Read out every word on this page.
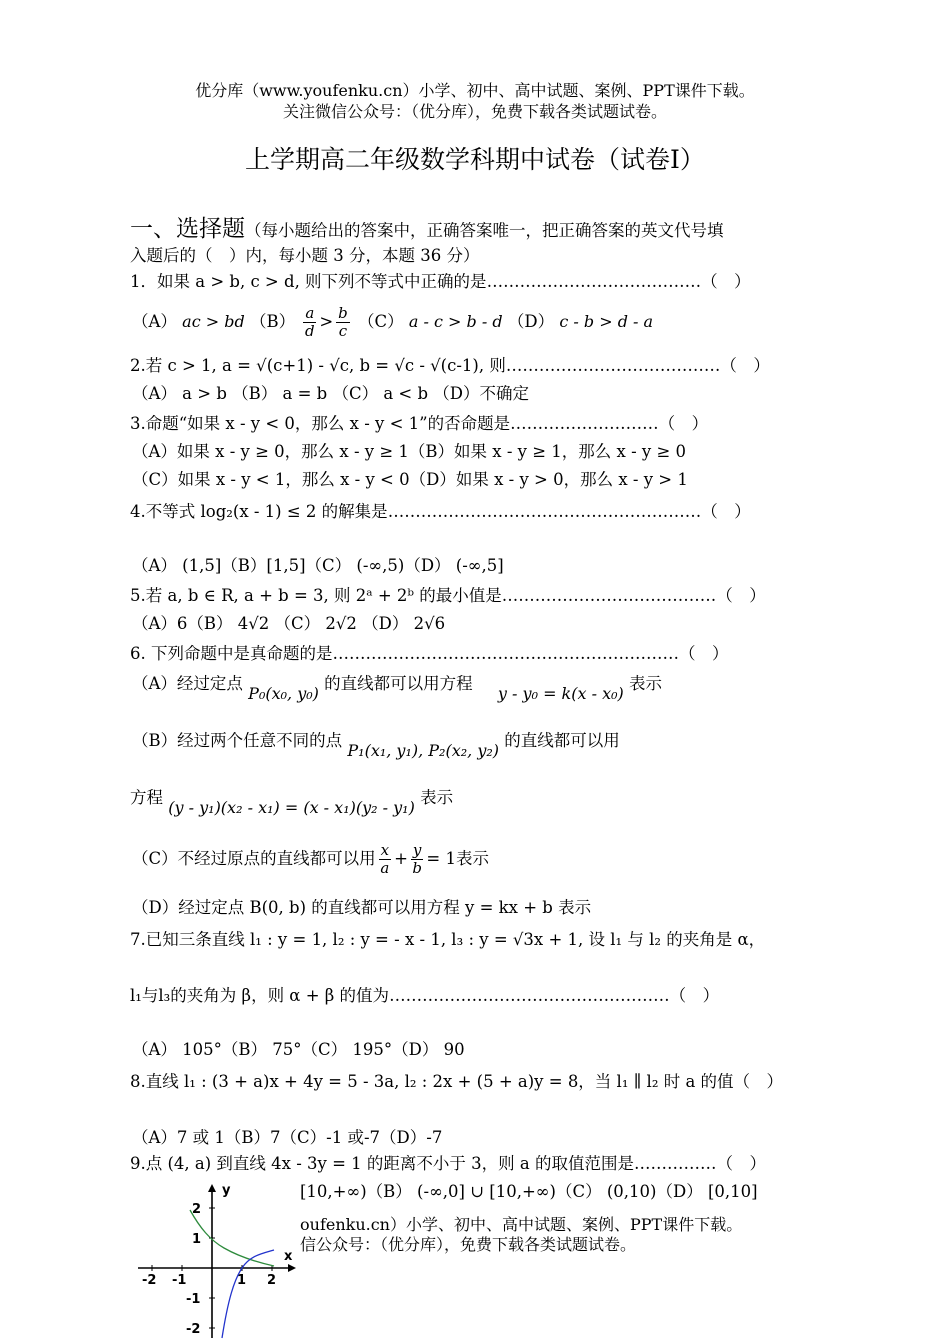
优分库（www.youfenku.cn）小学、初中、高中试题、案例、PPT课件下载。
关注微信公众号：（优分库），免费下载各类试题试卷。
上学期高二年级数学科期中试卷（试卷Ⅰ）
一、选择题（每小题给出的答案中，正确答案唯一，把正确答案的英文代号填
入题后的（　）内，每小题 3 分，本题 36 分）
1．如果 a > b, c > d, 则下列不等式中正确的是…………………………………（　）
（A） ac > bd $(B) \frac{a}{d} > \frac{b}{c} (C)$ a - c > b - d （D） c - b > d - a
2.若 c > 1, a = √(c+1) - √c, b = √c - √(c-1), 则…………………………………（　）
（A） a > b （B） a = b （C） a < b （D）不确定
3.命题“如果 x - y < 0，那么 x - y < 1”的否命题是………………………（　）
（A）如果 x - y ≥ 0，那么 x - y ≥ 1（B）如果 x - y ≥ 1，那么 x - y ≥ 0
（C）如果 x - y < 1，那么 x - y < 0（D）如果 x - y > 0，那么 x - y > 1
4.不等式 log₂(x - 1) ≤ 2 的解集是…………………………………………………（　）
（A） (1,5]（B）[1,5]（C） (-∞,5)（D） (-∞,5]
5.若 a, b ∈ R, a + b = 3, 则 2ᵃ + 2ᵇ 的最小值是…………………………………（　）
（A）6（B） 4√2 （C） 2√2 （D） 2√6
6. 下列命题中是真命题的是………………………………………………………（　）
（A）经过定点 P₀(x₀, y₀) 的直线都可以用方程 y - y₀ = k(x - x₀) 表示
（B）经过两个任意不同的点 P₁(x₁, y₁), P₂(x₂, y₂) 的直线都可以用
方程 (y - y₁)(x₂ - x₁) = (x - x₁)(y₂ - y₁) 表示
（C）不经过原点的直线都可以用 $\frac{x}{a} + \frac{y}{b} = 1$表示
（D）经过定点 B(0, b) 的直线都可以用方程 y = kx + b 表示
7.已知三条直线 l₁ : y = 1, l₂ : y = - x - 1, l₃ : y = √3x + 1, 设 l₁ 与 l₂ 的夹角是 α，
l₁与l₃的夹角为 β，则 α + β 的值为……………………………………………（　）
（A） 105°（B） 75°（C） 195°（D） 90
8.直线 l₁ : (3 + a)x + 4y = 5 - 3a, l₂ : 2x + (5 + a)y = 8，当 l₁ ∥ l₂ 时 a 的值（　）
（A）7 或 1（B）7（C）-1 或-7（D）-7
9.点 (4, a) 到直线 4x - 3y = 1 的距离不小于 3，则 a 的取值范围是……………（　）
[10,+∞)（B） (-∞,0] ∪ [10,+∞)（C） (0,10)（D） [0,10]
oufenku.cn）小学、初中、高中试题、案例、PPT课件下载。
信公众号：（优分库），免费下载各类试题试卷。
y
x
2
1
-1
-2
-2 -1	1 2
